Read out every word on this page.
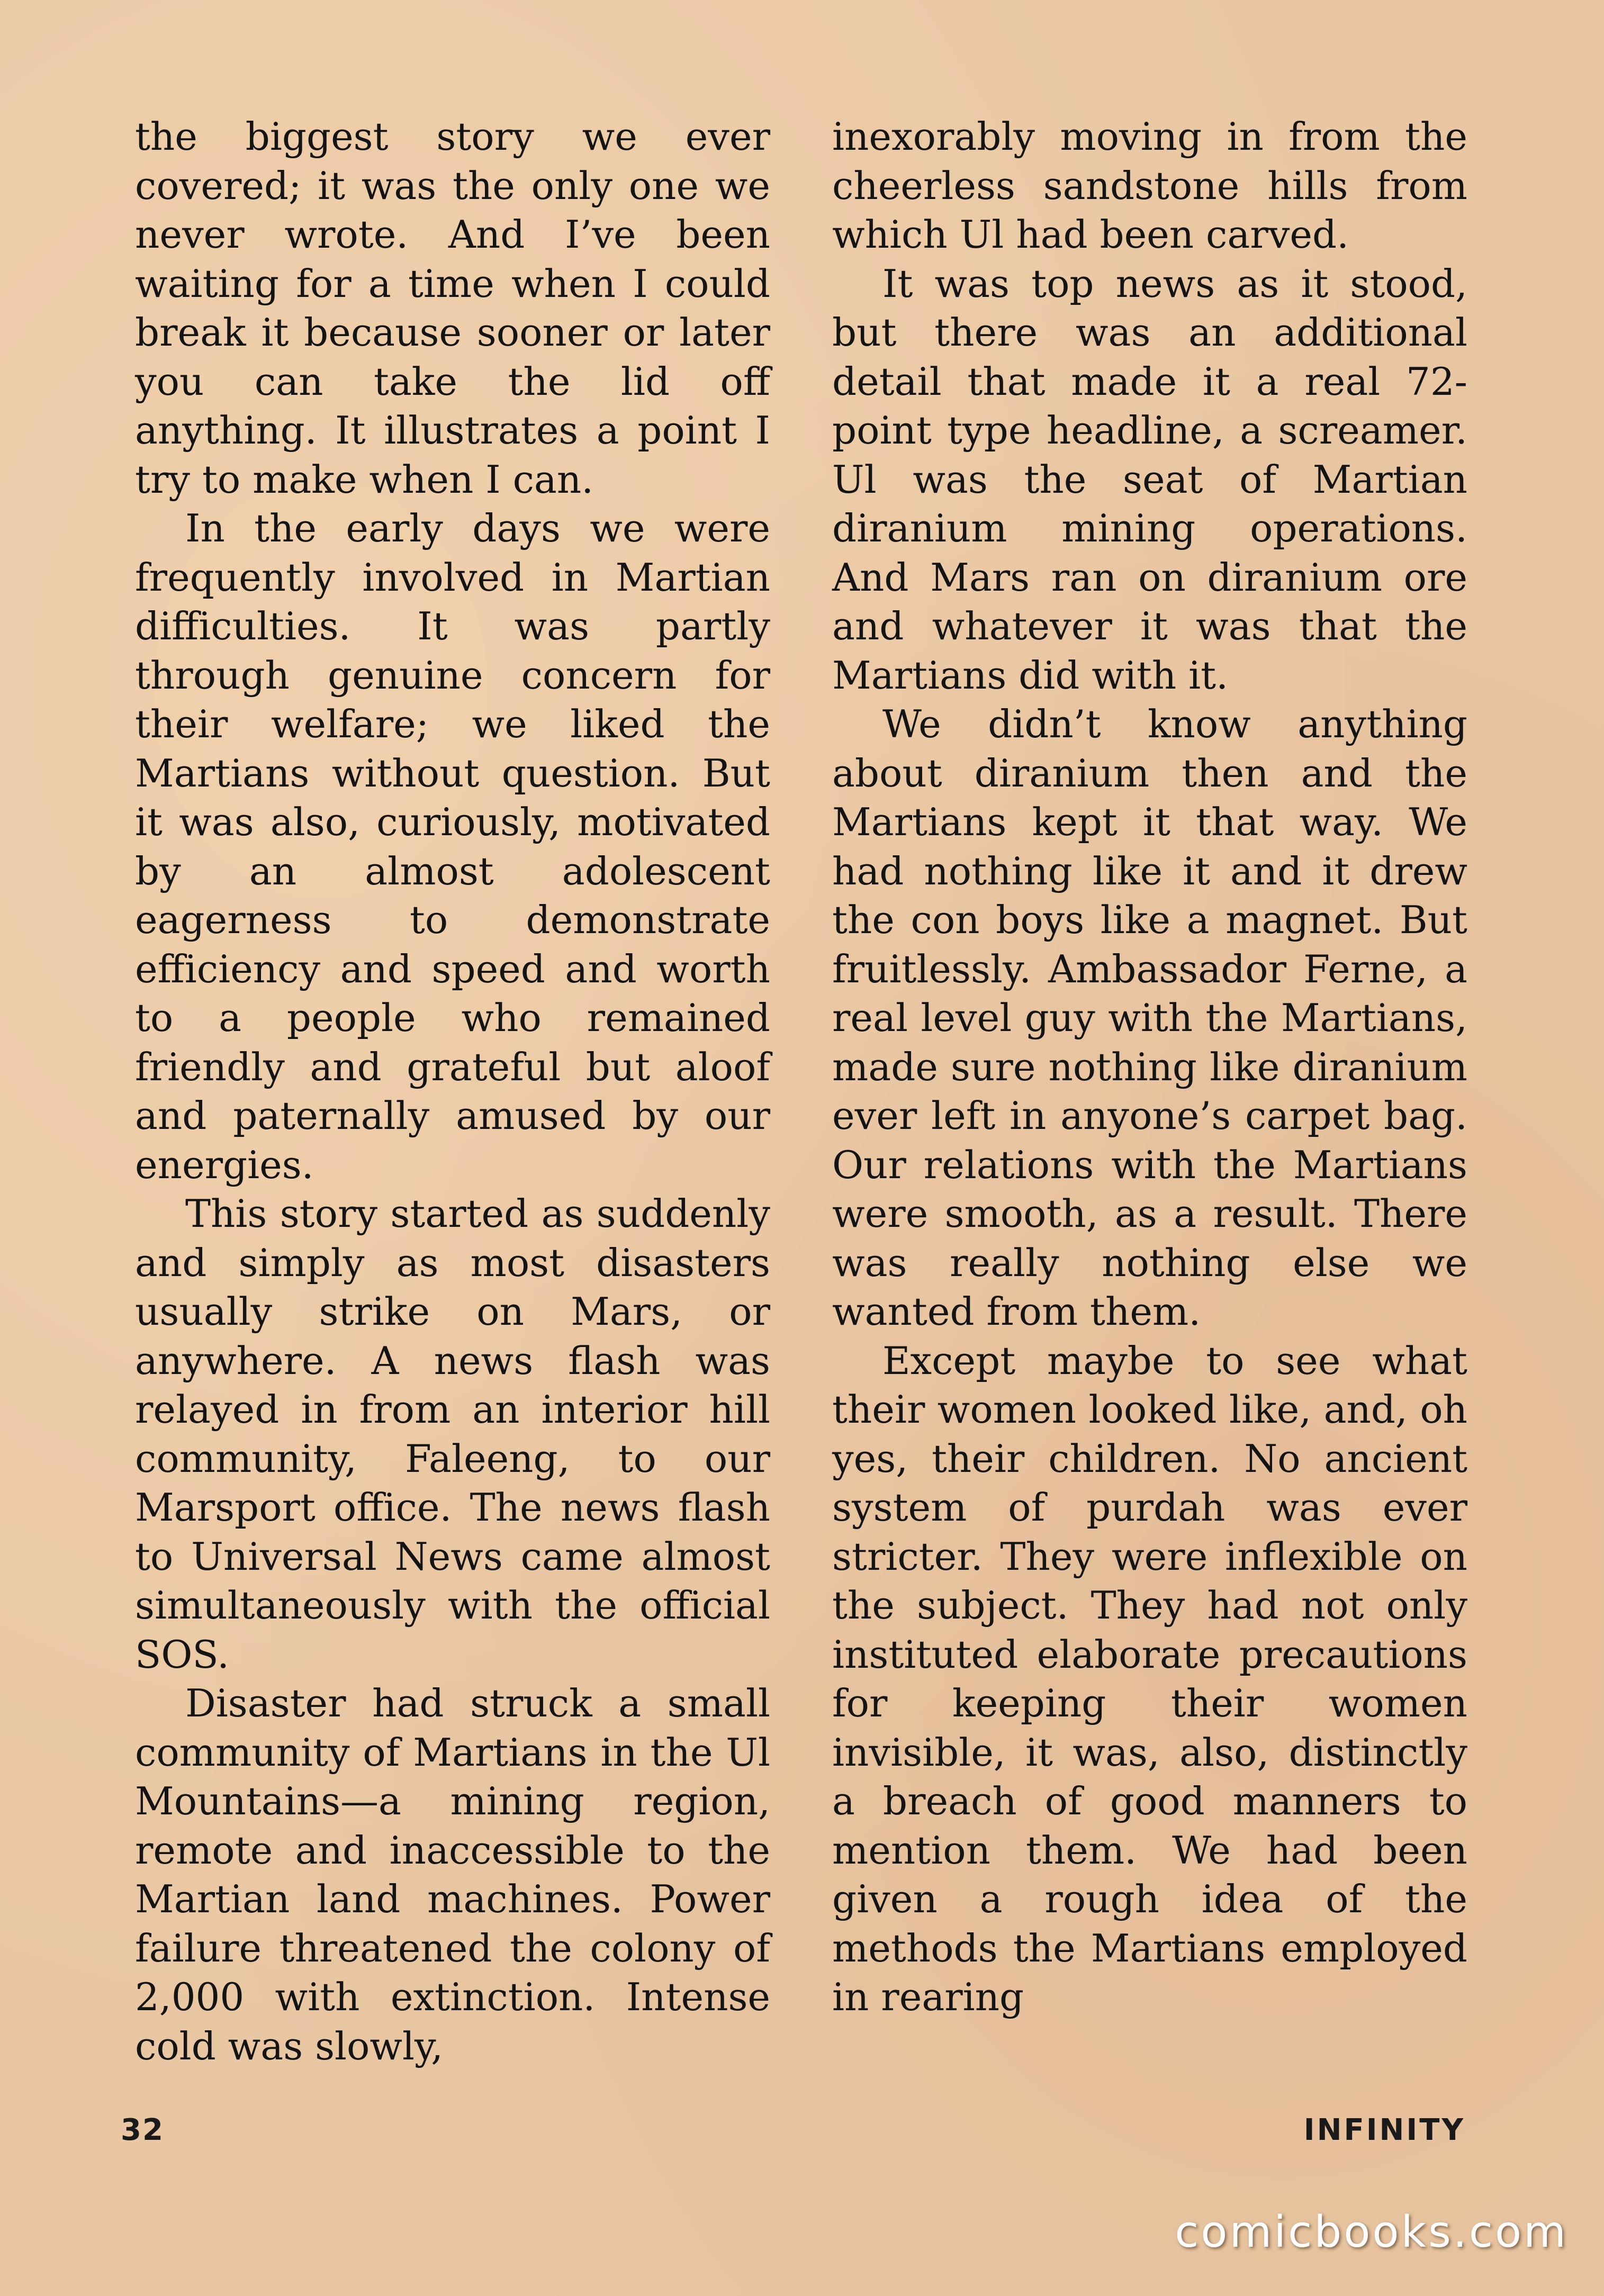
the biggest story we ever covered; it was the only one we never wrote. And I’ve been waiting for a time when I could break it because sooner or later you can take the lid off anything. It illustrates a point I try to make when I can.

In the early days we were frequently involved in Martian difficulties. It was partly through genuine concern for their welfare; we liked the Martians without question. But it was also, curiously, motivated by an almost adolescent eagerness to demonstrate efficiency and speed and worth to a people who remained friendly and grateful but aloof and paternally amused by our energies.

This story started as suddenly and simply as most disasters usually strike on Mars, or anywhere. A news flash was relayed in from an interior hill community, Faleeng, to our Marsport office. The news flash to Universal News came almost simultaneously with the official SOS.

Disaster had struck a small community of Martians in the Ul Mountains—a mining region, remote and inaccessible to the Martian land machines. Power failure threatened the colony of 2,000 with extinction. Intense cold was slowly,

inexorably moving in from the cheerless sandstone hills from which Ul had been carved.

It was top news as it stood, but there was an additional detail that made it a real 72-point type headline, a screamer. Ul was the seat of Martian diranium mining operations. And Mars ran on diranium ore and whatever it was that the Martians did with it.

We didn’t know anything about diranium then and the Martians kept it that way. We had nothing like it and it drew the con boys like a magnet. But fruitlessly. Ambassador Ferne, a real level guy with the Martians, made sure nothing like diranium ever left in anyone’s carpet bag. Our relations with the Martians were smooth, as a result. There was really nothing else we wanted from them.

Except maybe to see what their women looked like, and, oh yes, their children. No ancient system of purdah was ever stricter. They were inflexible on the subject. They had not only instituted elaborate precautions for keeping their women invisible, it was, also, distinctly a breach of good manners to mention them. We had been given a rough idea of the methods the Martians employed in rearing

32	INFINITY
comicbooks.com
